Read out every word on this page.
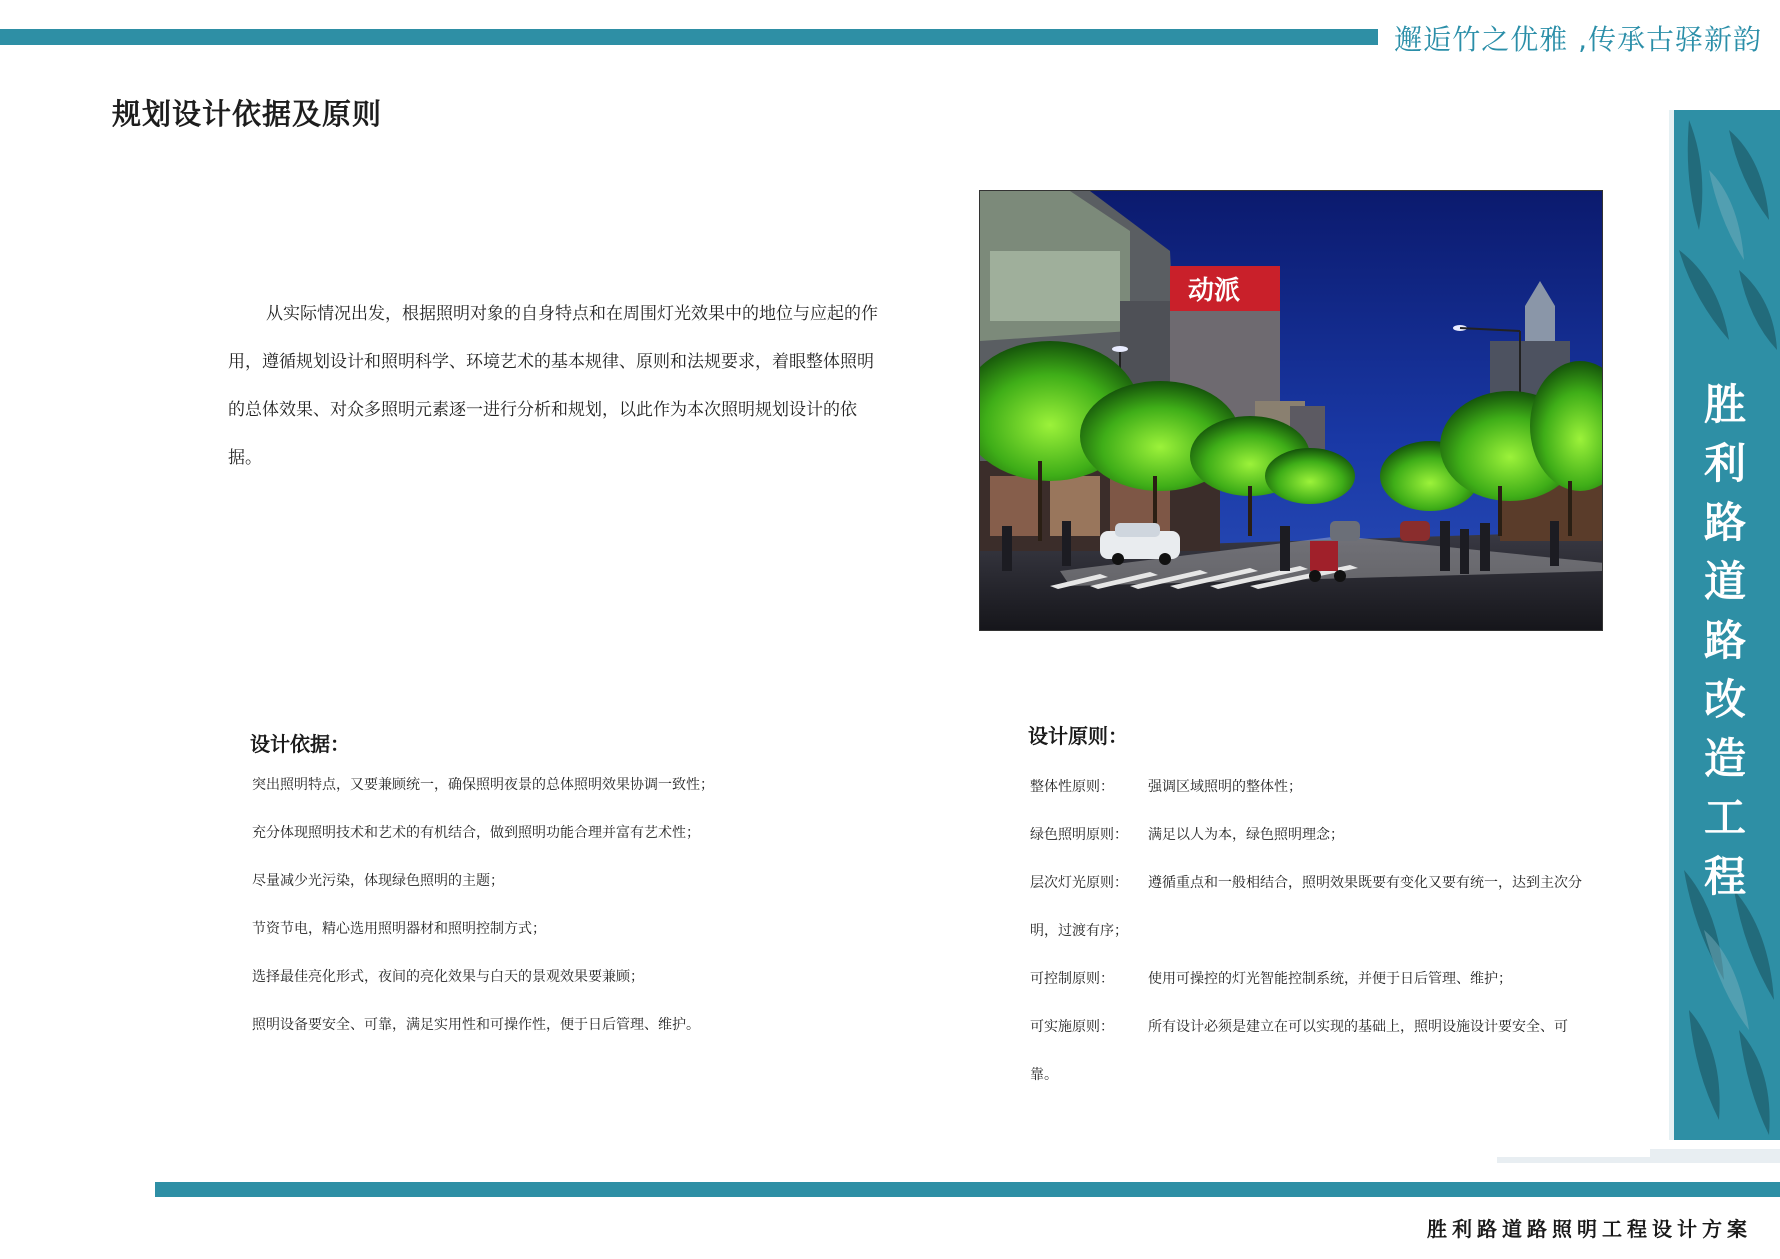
邂逅竹之优雅 ,传承古驿新韵
规划设计依据及原则

从实际情况出发，根据照明对象的自身特点和在周围灯光效果中的地位与应起的作用，遵循规划设计和照明科学、环境艺术的基本规律、原则和法规要求，着眼整体照明的总体效果、对众多照明元素逐一进行分析和规划，以此作为本次照明规划设计的依据。

动派
设计依据：
突出照明特点，又要兼顾统一，确保照明夜景的总体照明效果协调一致性；
充分体现照明技术和艺术的有机结合，做到照明功能合理并富有艺术性；
尽量减少光污染，体现绿色照明的主题；
节资节电，精心选用照明器材和照明控制方式；
选择最佳亮化形式，夜间的亮化效果与白天的景观效果要兼顾；
照明设备要安全、可靠，满足实用性和可操作性，便于日后管理、维护。
设计原则：
整体性原则：	强调区域照明的整体性；
绿色照明原则：	满足以人为本，绿色照明理念；
层次灯光原则： 遵循重点和一般相结合，照明效果既要有变化又要有统一，达到主次分明，过渡有序；
可控制原则：	使用可操控的灯光智能控制系统，并便于日后管理、维护；
可实施原则： 所有设计必须是建立在可以实现的基础上，照明设施设计要安全、可靠。
胜利路道路改造工程
胜利路道路照明工程设计方案
